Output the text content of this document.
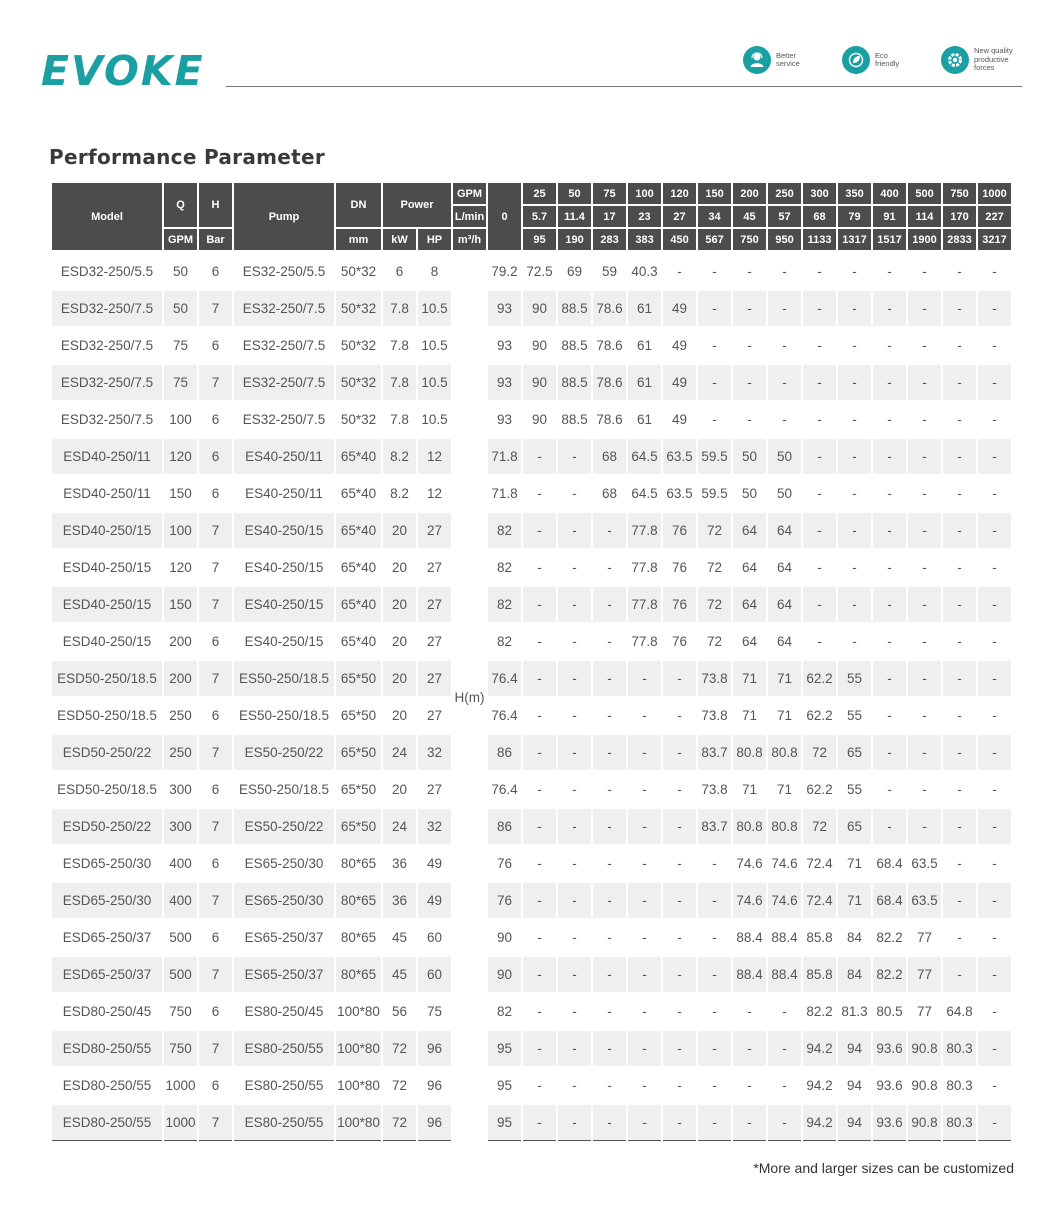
EVOKE	Better
service
Eco
friendly
New quality
productive
forces
Performance Parameter
Model	Q	H	Pump	DN	Power		GPM	0	25	50	75	100	120	150	200	250	300	350	400	500	750	1000
							L/min		5.7	11.4	17	23	27	34	45	57	68	79	91	114	170	227
	GPM	Bar		mm	kW	HP	m³/h		95	190	283	383	450	567	750	950	1133	1317	1517	1900	2833	3217
ESD32-250/5.5	50	6	ES32-250/5.5	50*32	6	8	H(m)	79.2	72.5	69	59	40.3	-	-	-	-	-	-	-	-	-	-
ESD32-250/7.5	50	7	ES32-250/7.5	50*32	7.8	10.5		93	90	88.5	78.6	61	49	-	-	-	-	-	-	-	-	-
ESD32-250/7.5	75	6	ES32-250/7.5	50*32	7.8	10.5		93	90	88.5	78.6	61	49	-	-	-	-	-	-	-	-	-
ESD32-250/7.5	75	7	ES32-250/7.5	50*32	7.8	10.5		93	90	88.5	78.6	61	49	-	-	-	-	-	-	-	-	-
ESD32-250/7.5	100	6	ES32-250/7.5	50*32	7.8	10.5		93	90	88.5	78.6	61	49	-	-	-	-	-	-	-	-	-
ESD40-250/11	120	6	ES40-250/11	65*40	8.2	12		71.8	-	-	68	64.5	63.5	59.5	50	50	-	-	-	-	-	-
ESD40-250/11	150	6	ES40-250/11	65*40	8.2	12		71.8	-	-	68	64.5	63.5	59.5	50	50	-	-	-	-	-	-
ESD40-250/15	100	7	ES40-250/15	65*40	20	27		82	-	-	-	77.8	76	72	64	64	-	-	-	-	-	-
ESD40-250/15	120	7	ES40-250/15	65*40	20	27		82	-	-	-	77.8	76	72	64	64	-	-	-	-	-	-
ESD40-250/15	150	7	ES40-250/15	65*40	20	27		82	-	-	-	77.8	76	72	64	64	-	-	-	-	-	-
ESD40-250/15	200	6	ES40-250/15	65*40	20	27		82	-	-	-	77.8	76	72	64	64	-	-	-	-	-	-
ESD50-250/18.5	200	7	ES50-250/18.5	65*50	20	27		76.4	-	-	-	-	-	73.8	71	71	62.2	55	-	-	-	-
ESD50-250/18.5	250	6	ES50-250/18.5	65*50	20	27		76.4	-	-	-	-	-	73.8	71	71	62.2	55	-	-	-	-
ESD50-250/22	250	7	ES50-250/22	65*50	24	32		86	-	-	-	-	-	83.7	80.8	80.8	72	65	-	-	-	-
ESD50-250/18.5	300	6	ES50-250/18.5	65*50	20	27		76.4	-	-	-	-	-	73.8	71	71	62.2	55	-	-	-	-
ESD50-250/22	300	7	ES50-250/22	65*50	24	32		86	-	-	-	-	-	83.7	80.8	80.8	72	65	-	-	-	-
ESD65-250/30	400	6	ES65-250/30	80*65	36	49		76	-	-	-	-	-	-	74.6	74.6	72.4	71	68.4	63.5	-	-
ESD65-250/30	400	7	ES65-250/30	80*65	36	49		76	-	-	-	-	-	-	74.6	74.6	72.4	71	68.4	63.5	-	-
ESD65-250/37	500	6	ES65-250/37	80*65	45	60		90	-	-	-	-	-	-	88.4	88.4	85.8	84	82.2	77	-	-
ESD65-250/37	500	7	ES65-250/37	80*65	45	60		90	-	-	-	-	-	-	88.4	88.4	85.8	84	82.2	77	-	-
ESD80-250/45	750	6	ES80-250/45	100*80	56	75		82	-	-	-	-	-	-	-	-	82.2	81.3	80.5	77	64.8	-
ESD80-250/55	750	7	ES80-250/55	100*80	72	96		95	-	-	-	-	-	-	-	-	94.2	94	93.6	90.8	80.3	-
ESD80-250/55	1000	6	ES80-250/55	100*80	72	96		95	-	-	-	-	-	-	-	-	94.2	94	93.6	90.8	80.3	-
ESD80-250/55	1000	7	ES80-250/55	100*80	72	96		95	-	-	-	-	-	-	-	-	94.2	94	93.6	90.8	80.3	-
*More and larger sizes can be customized
